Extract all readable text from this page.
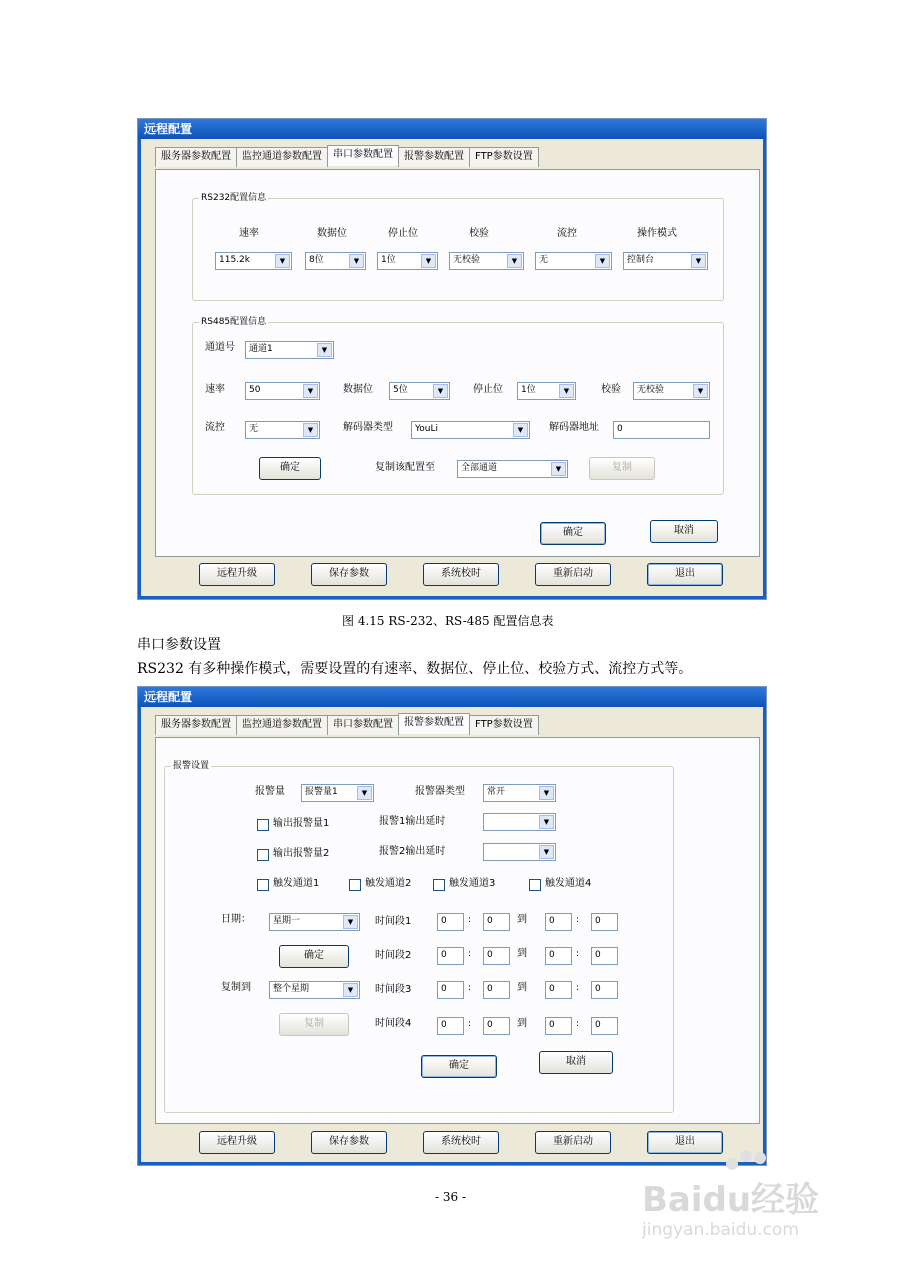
远程配置
服务器参数配置	监控通道参数配置	串口参数配置	报警参数配置	FTP参数设置
RS232配置信息
速率	数据位	停止位	校验	流控	操作模式
115.2k	▼	8位	▼	1位	▼	无校验	▼	无	▼	控制台	▼
RS485配置信息
通道号	通道1	▼
速率	50	▼	数据位	5位	▼	停止位	1位	▼	校验	无校验	▼
流控	无	▼	解码器类型	YouLi	▼	解码器地址	0
确定	复制该配置至	全部通道	▼	复制
确定	取消
远程升级	保存参数	系统校时	重新启动	退出
图 4.15 RS-232、RS-485 配置信息表
串口参数设置
RS232 有多种操作模式，需要设置的有速率、数据位、停止位、校验方式、流控方式等。
远程配置
服务器参数配置	监控通道参数配置	串口参数配置	报警参数配置	FTP参数设置
报警设置
报警量	报警量1	▼	报警器类型	常开	▼
输出报警量1	报警1输出延时	▼
输出报警量2	报警2输出延时	▼
触发通道1	触发通道2	触发通道3	触发通道4
日期：	星期一	▼
确定
复制到	整个星期	▼
复制
时间段1	0	:	0	到	0	:	0
时间段2	0	:	0	到	0	:	0
时间段3	0	:	0	到	0	:	0
时间段4	0	:	0	到	0	:	0
确定	取消
远程升级	保存参数	系统校时	重新启动	退出
- 36 -	Baidu经验
jingyan.baidu.com
